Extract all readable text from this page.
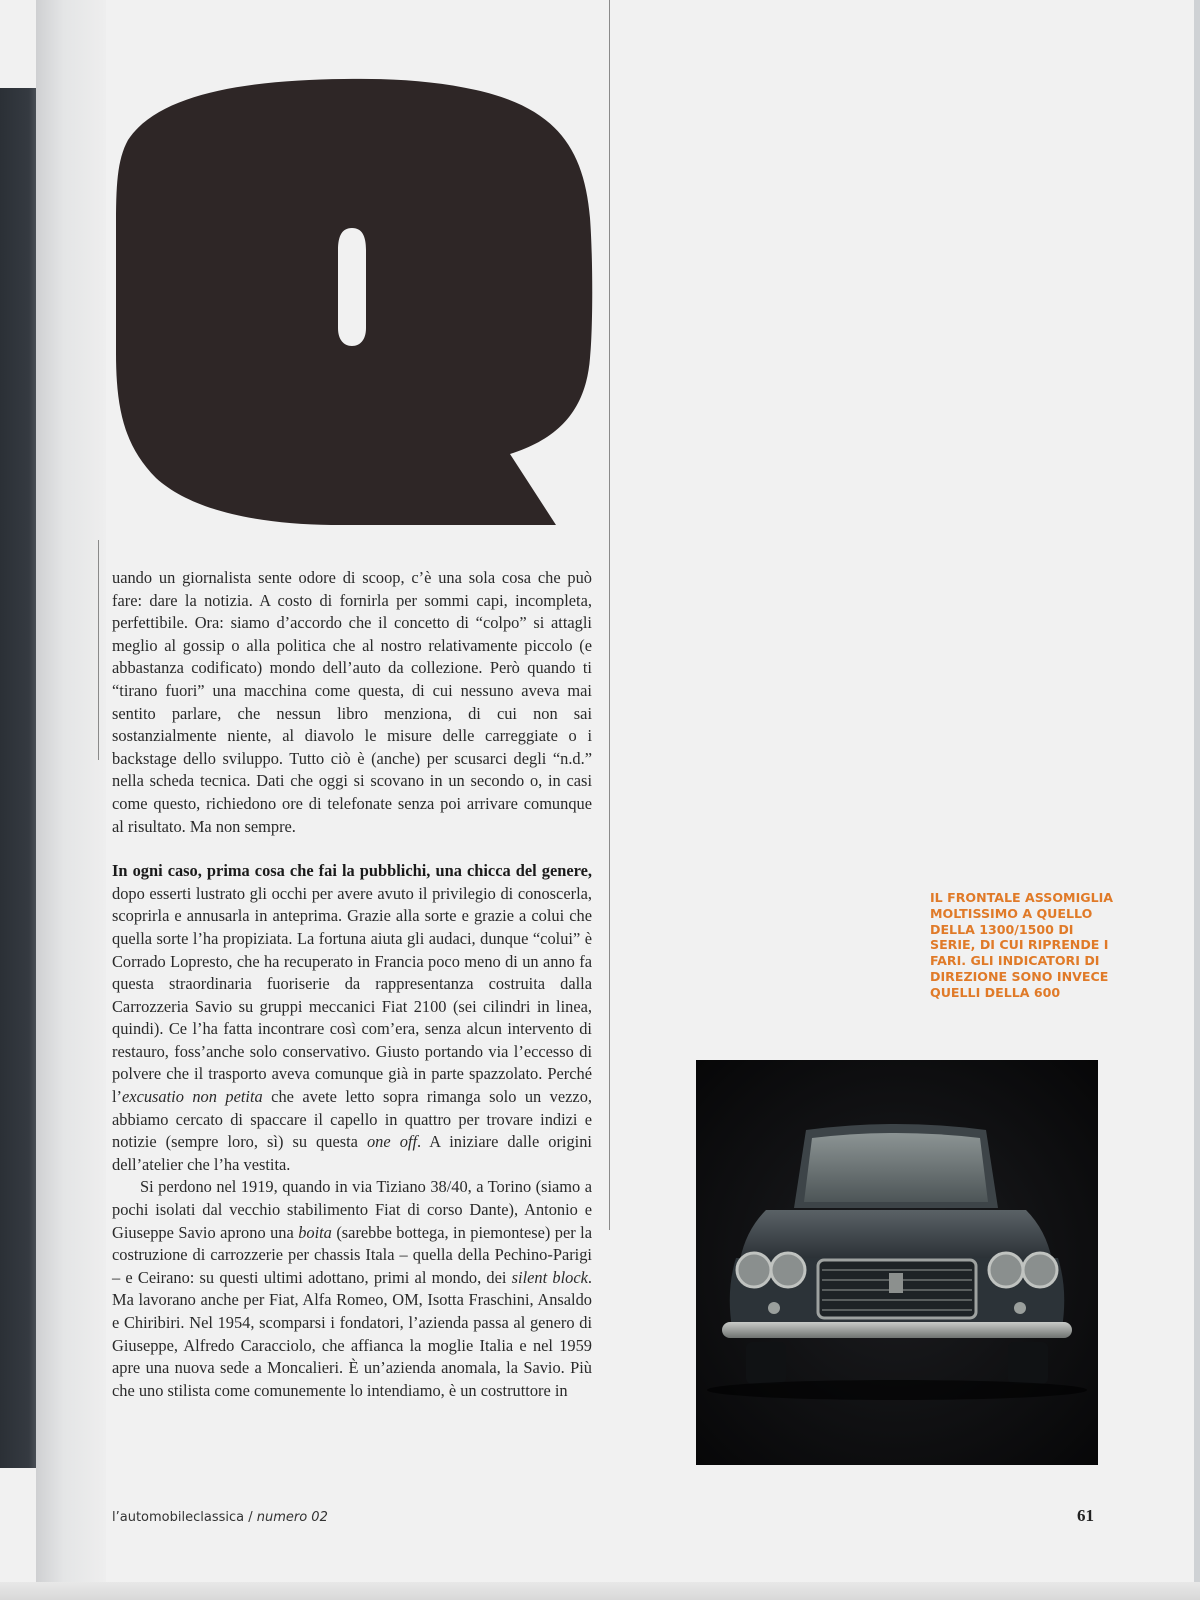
uando un giornalista sente odore di scoop, c’è una sola cosa che può fare: dare la notizia. A costo di fornirla per sommi capi, incompleta, perfettibile. Ora: siamo d’accordo che il concetto di “colpo” si attagli meglio al gossip o alla politica che al nostro relativamente piccolo (e abbastanza codificato) mondo dell’auto da collezione. Però quando ti “tirano fuori” una macchina come questa, di cui nessuno aveva mai sentito parlare, che nessun libro menziona, di cui non sai sostanzialmente niente, al diavolo le misure delle carreggiate o i backstage dello sviluppo. Tutto ciò è (anche) per scusarci degli “n.d.” nella scheda tecnica. Dati che oggi si scovano in un secondo o, in casi come questo, richiedono ore di telefonate senza poi arrivare comunque al risultato. Ma non sempre.

In ogni caso, prima cosa che fai la pubblichi, una chicca del genere, dopo esserti lustrato gli occhi per avere avuto il privilegio di conoscerla, scoprirla e annusarla in anteprima. Grazie alla sorte e grazie a colui che quella sorte l’ha propiziata. La fortuna aiuta gli audaci, dunque “colui” è Corrado Lopresto, che ha recuperato in Francia poco meno di un anno fa questa straordinaria fuoriserie da rappresentanza costruita dalla Carrozzeria Savio su gruppi meccanici Fiat 2100 (sei cilindri in linea, quindi). Ce l’ha fatta incontrare così com’era, senza alcun intervento di restauro, foss’anche solo conservativo. Giusto portando via l’eccesso di polvere che il trasporto aveva comunque già in parte spazzolato. Perché l’excusatio non petita che avete letto sopra rimanga solo un vezzo, abbiamo cercato di spaccare il capello in quattro per trovare indizi e notizie (sempre loro, sì) su questa one off. A iniziare dalle origini dell’atelier che l’ha vestita.

Si perdono nel 1919, quando in via Tiziano 38/40, a Torino (siamo a pochi isolati dal vecchio stabilimento Fiat di corso Dante), Antonio e Giuseppe Savio aprono una boita (sarebbe bottega, in piemontese) per la costruzione di carrozzerie per chassis Itala – quella della Pechino-Parigi – e Ceirano: su questi ultimi adottano, primi al mondo, dei silent block. Ma lavorano anche per Fiat, Alfa Romeo, OM, Isotta Fraschini, Ansaldo e Chiribiri. Nel 1954, scomparsi i fondatori, l’azienda passa al genero di Giuseppe, Alfredo Caracciolo, che affianca la moglie Italia e nel 1959 apre una nuova sede a Moncalieri. È un’azienda anomala, la Savio. Più che uno stilista come comunemente lo intendiamo, è un costruttore in

IL FRONTALE ASSOMIGLIA MOLTISSIMO A QUELLO DELLA 1300/1500 DI SERIE, DI CUI RIPRENDE I FARI. GLI INDICATORI DI DIREZIONE SONO INVECE QUELLI DELLA 600
l’automobileclassica / numero 02	61
